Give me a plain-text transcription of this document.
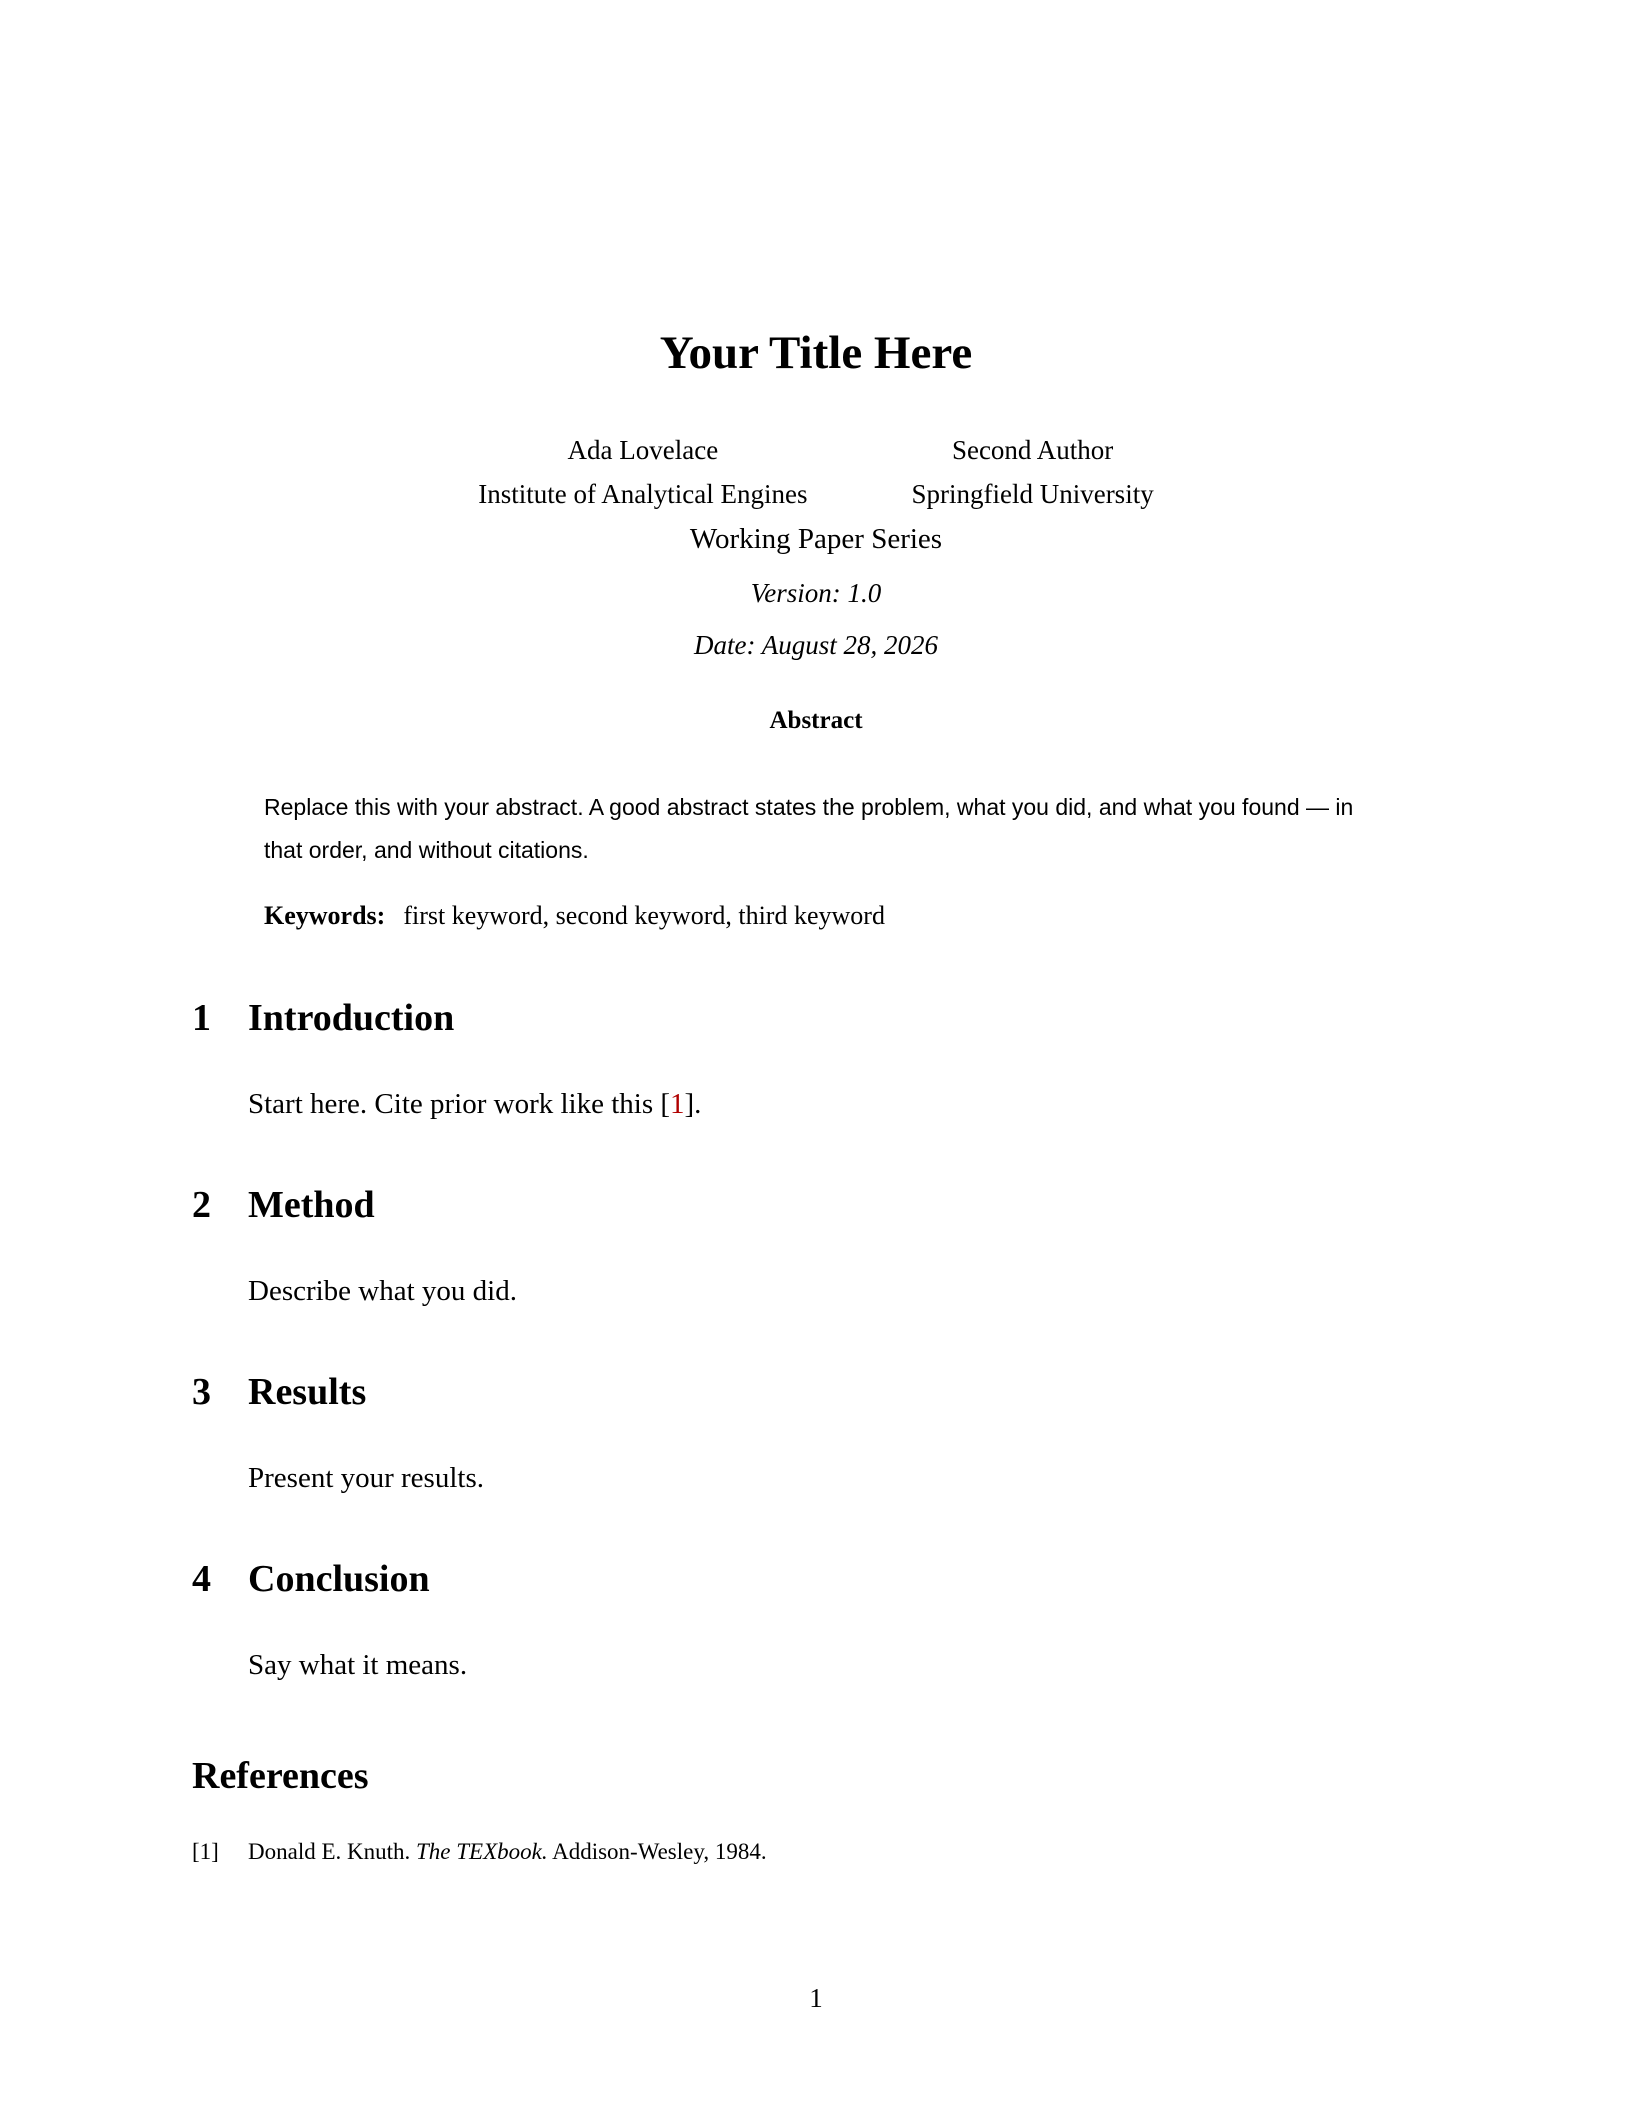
Your Title Here
Ada Lovelace
Institute of Analytical Engines
Second Author
Springfield University
Working Paper Series
Version: 1.0
Date: August 28, 2026
Abstract
Replace this with your abstract. A good abstract states the problem, what you did, and what you found — in that order, and without citations.
Keywords: first keyword, second keyword, third keyword
1 Introduction
Start here. Cite prior work like this [1].
2 Method
Describe what you did.
3 Results
Present your results.
4 Conclusion
Say what it means.
References
[1]	Donald E. Knuth. The TEXbook. Addison-Wesley, 1984.
1
